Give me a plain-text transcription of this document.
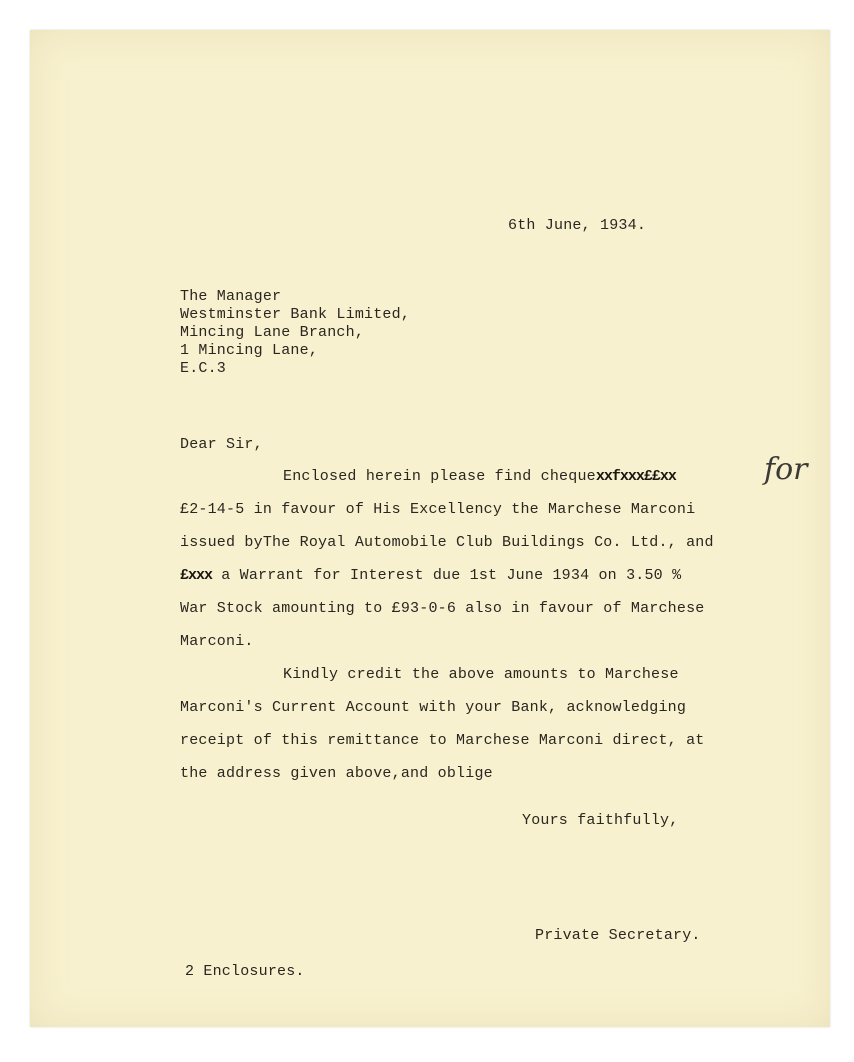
6th June, 1934.
The Manager
Westminster Bank Limited,
Mincing Lane Branch,
1 Mincing Lane,
E.C.3
Dear Sir,
Enclosed herein please find chequexxfxxx££xx	for
£2-14-5 in favour of His Excellency the Marchese Marconi
issued byThe Royal Automobile Club Buildings Co. Ltd., and
£xxx a Warrant for Interest due 1st June 1934 on 3.50 %
War Stock amounting to £93-0-6 also in favour of Marchese
Marconi.
Kindly credit the above amounts to Marchese
Marconi's Current Account with your Bank, acknowledging
receipt of this remittance to Marchese Marconi direct, at
the address given above,and oblige
Yours faithfully,
Private Secretary.
2 Enclosures.
